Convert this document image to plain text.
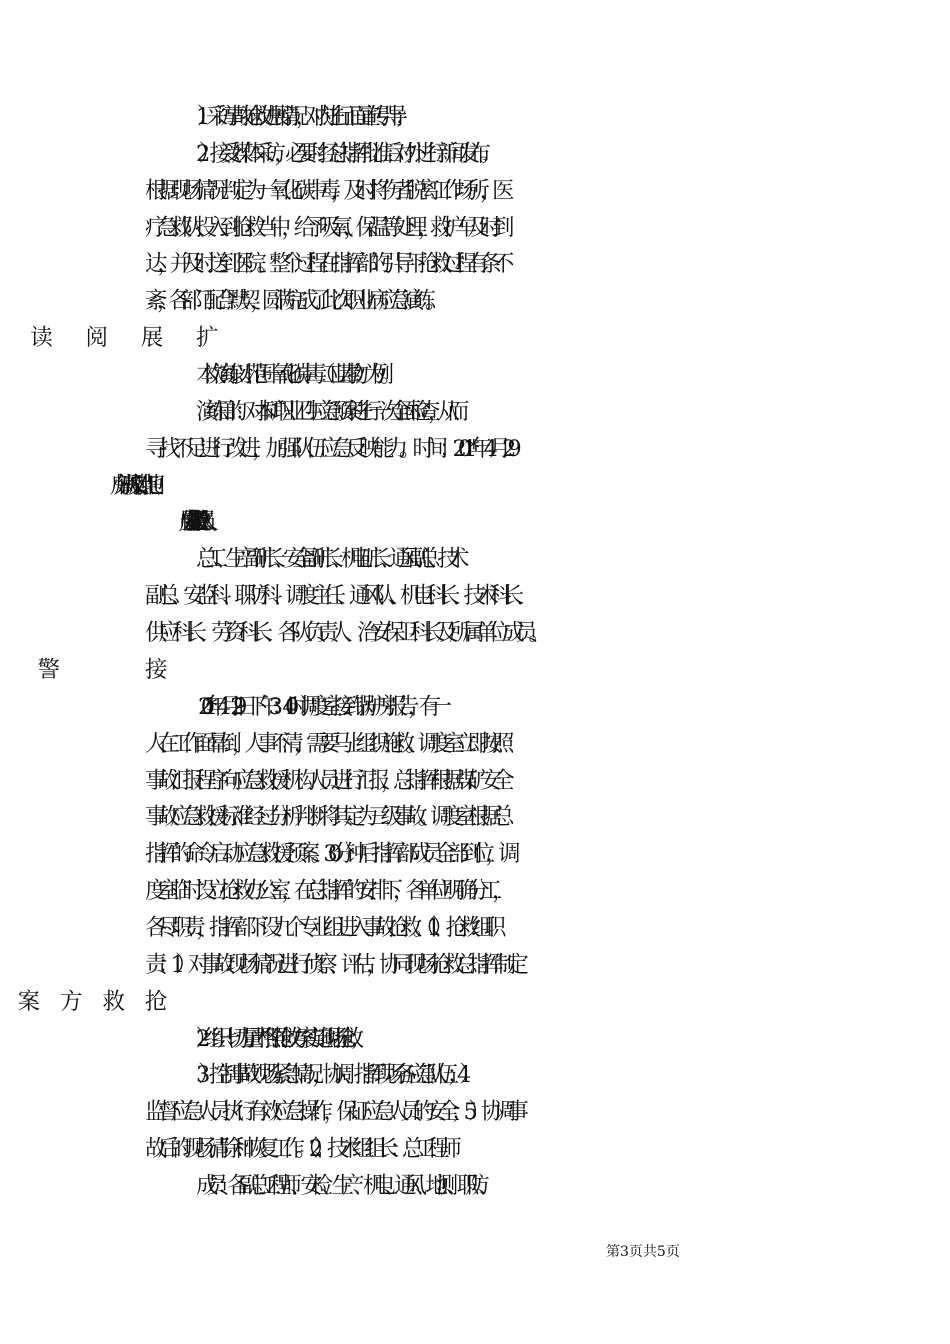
1）采访事故抢救进展情况，对内进行正面宣传引导；
2）接受媒体采访，必要时经总指挥批准后对外进行新闻发布。
根据现场情况判定为一氧化碳中毒，及时将伤者脱离工作场所，医
疗急救队投入到抢救当中，给予吸氧，保温等处理，救护车及时到
达，并及时送到医院。整个过程在指挥部的引导下抢救过程有条不
紊，各部门配合默契，圆满完成了此次职业病应急演练。
本次演练以小范围一氧化碳中毒（工业毒物）为例。
演练目的：对本矿职业卫生应急预案进行一次全面检查，从而
寻找不足进行改进，加强队伍应急反映能力。时间：201*年4月29
总工、生产副矿长、安全副矿长、机电矿长、通风副总、技术
副总、安监科、职防科、调度主任、通风队、机电科长、技术科长、
供应科长、劳资科长、各队负责人、治安保卫科长及所属单位成员。
201*年4月29日下午3：40时调度室接到锅炉房报告，有一
人在工作面晕倒，人事不清，需要马上组织施救。调度室立即按照
事故汇报程序向应急救援机构人员进行汇报，总指挥根据煤矿安全
事故应急救援标准经过分析判断将其定为三级事故。调度室根据总
指挥的命令启动应急救援预案。30分钟后指挥部成员全部到位，调
度室临时设立抢救办公室，在总指挥的安排下，各单位明确分工，
各尽职责，指挥部下设九个专业组进入事故抢救。（1）、抢救组职
责：1）对事故现场情况进行侦察、评估，协同现场抢救总指挥制定
2）组织一切力量严格照抢救方案实施现场抢救；
3）控制事故现场紧急情况，协调、指挥现场各应急队伍；4）
监督应急人员执行有效应急操作，保证应急人员的安全；5）协调事
故后的现场清除和恢复工作。（2）、技术组组长：总工程师
成员：各副总工程师、安检、生产、机电、通风、地测、职防、
第3页共5页
